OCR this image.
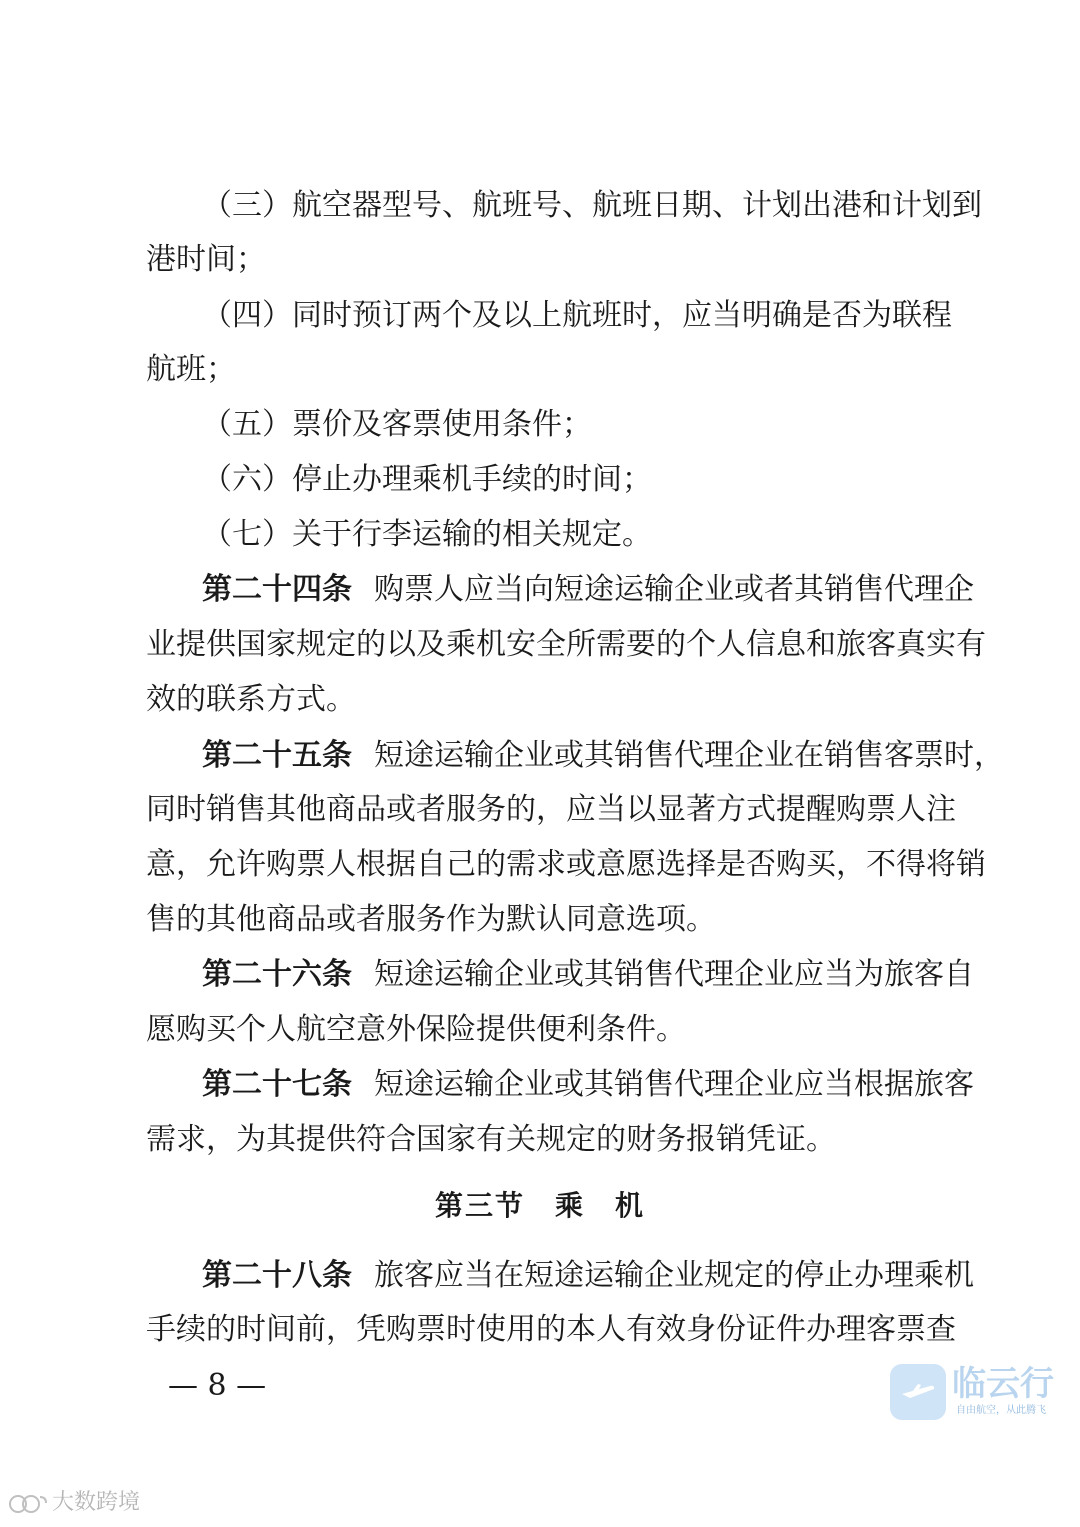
（三）航空器型号、航班号、航班日期、计划出港和计划到
港时间；
（四）同时预订两个及以上航班时，应当明确是否为联程
航班；
（五）票价及客票使用条件；
（六）停止办理乘机手续的时间；
（七）关于行李运输的相关规定。
第二十四条 购票人应当向短途运输企业或者其销售代理企
业提供国家规定的以及乘机安全所需要的个人信息和旅客真实有
效的联系方式。
第二十五条 短途运输企业或其销售代理企业在销售客票时，
同时销售其他商品或者服务的，应当以显著方式提醒购票人注
意，允许购票人根据自己的需求或意愿选择是否购买，不得将销
售的其他商品或者服务作为默认同意选项。
第二十六条 短途运输企业或其销售代理企业应当为旅客自
愿购买个人航空意外保险提供便利条件。
第二十七条 短途运输企业或其销售代理企业应当根据旅客
需求，为其提供符合国家有关规定的财务报销凭证。
第三节　乘　机
第二十八条 旅客应当在短途运输企业规定的停止办理乘机
手续的时间前，凭购票时使用的本人有效身份证件办理客票查
— 8 —	临云行
自由航空，从此腾飞
大数跨境
